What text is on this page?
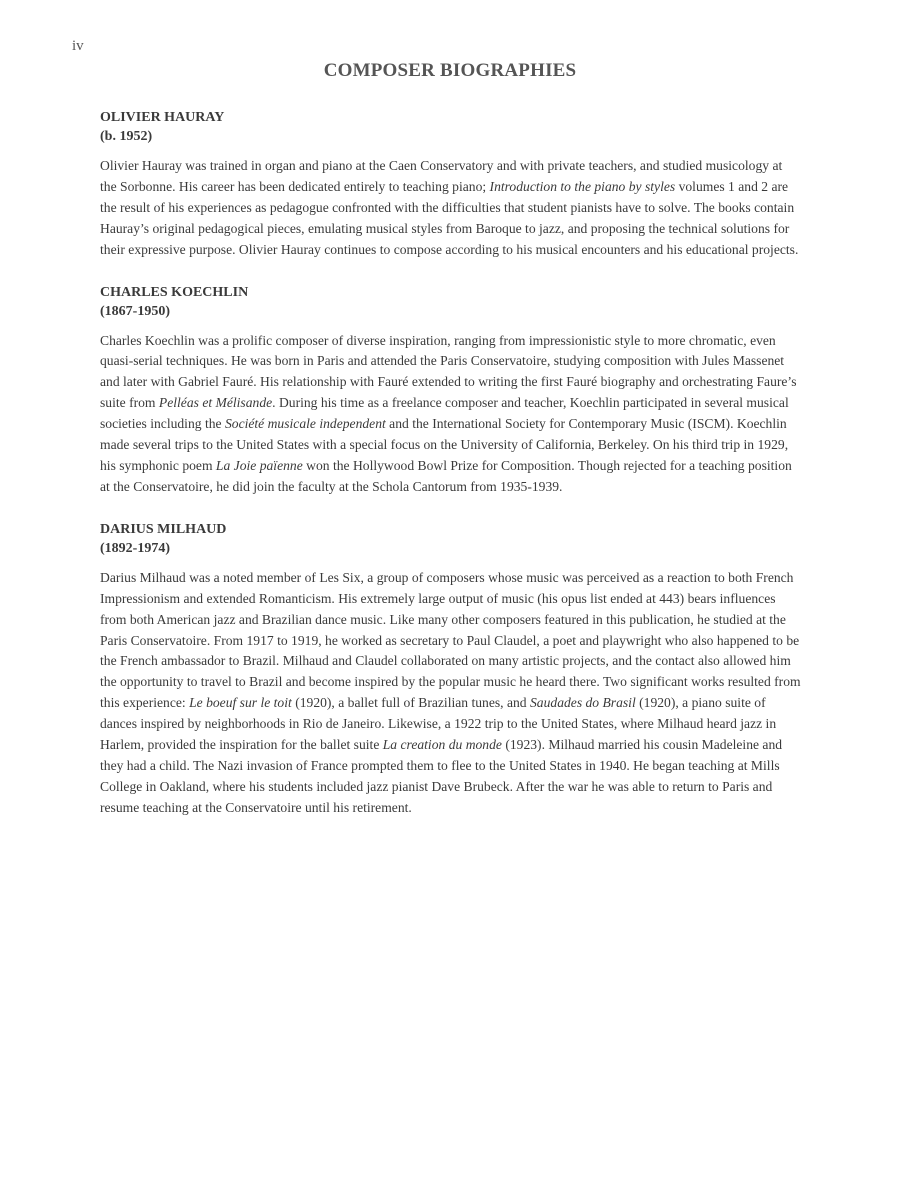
iv
COMPOSER BIOGRAPHIES

OLIVIER HAURAY

(b. 1952)

Olivier Hauray was trained in organ and piano at the Caen Conservatory and with private teachers, and studied musicology at the Sorbonne. His career has been dedicated entirely to teaching piano; Introduction to the piano by styles volumes 1 and 2 are the result of his experiences as pedagogue confronted with the difficulties that student pianists have to solve. The books contain Hauray’s original pedagogical pieces, emulating musical styles from Baroque to jazz, and proposing the technical solutions for their expressive purpose. Olivier Hauray continues to compose according to his musical encounters and his educational projects.

CHARLES KOECHLIN

(1867-1950)

Charles Koechlin was a prolific composer of diverse inspiration, ranging from impressionistic style to more chromatic, even quasi-serial techniques. He was born in Paris and attended the Paris Conservatoire, studying composition with Jules Massenet and later with Gabriel Fauré. His relationship with Fauré extended to writing the first Fauré biography and orchestrating Faure’s suite from Pelléas et Mélisande. During his time as a freelance composer and teacher, Koechlin participated in several musical societies including the Société musicale independent and the International Society for Contemporary Music (ISCM). Koechlin made several trips to the United States with a special focus on the University of California, Berkeley. On his third trip in 1929, his symphonic poem La Joie païenne won the Hollywood Bowl Prize for Composition. Though rejected for a teaching position at the Conservatoire, he did join the faculty at the Schola Cantorum from 1935-1939.

DARIUS MILHAUD

(1892-1974)

Darius Milhaud was a noted member of Les Six, a group of composers whose music was perceived as a reaction to both French Impressionism and extended Romanticism. His extremely large output of music (his opus list ended at 443) bears influences from both American jazz and Brazilian dance music. Like many other composers featured in this publication, he studied at the Paris Conservatoire. From 1917 to 1919, he worked as secretary to Paul Claudel, a poet and playwright who also happened to be the French ambassador to Brazil. Milhaud and Claudel collaborated on many artistic projects, and the contact also allowed him the opportunity to travel to Brazil and become inspired by the popular music he heard there. Two significant works resulted from this experience: Le boeuf sur le toit (1920), a ballet full of Brazilian tunes, and Saudades do Brasil (1920), a piano suite of dances inspired by neighborhoods in Rio de Janeiro. Likewise, a 1922 trip to the United States, where Milhaud heard jazz in Harlem, provided the inspiration for the ballet suite La creation du monde (1923). Milhaud married his cousin Madeleine and they had a child. The Nazi invasion of France prompted them to flee to the United States in 1940. He began teaching at Mills College in Oakland, where his students included jazz pianist Dave Brubeck. After the war he was able to return to Paris and resume teaching at the Conservatoire until his retirement.
